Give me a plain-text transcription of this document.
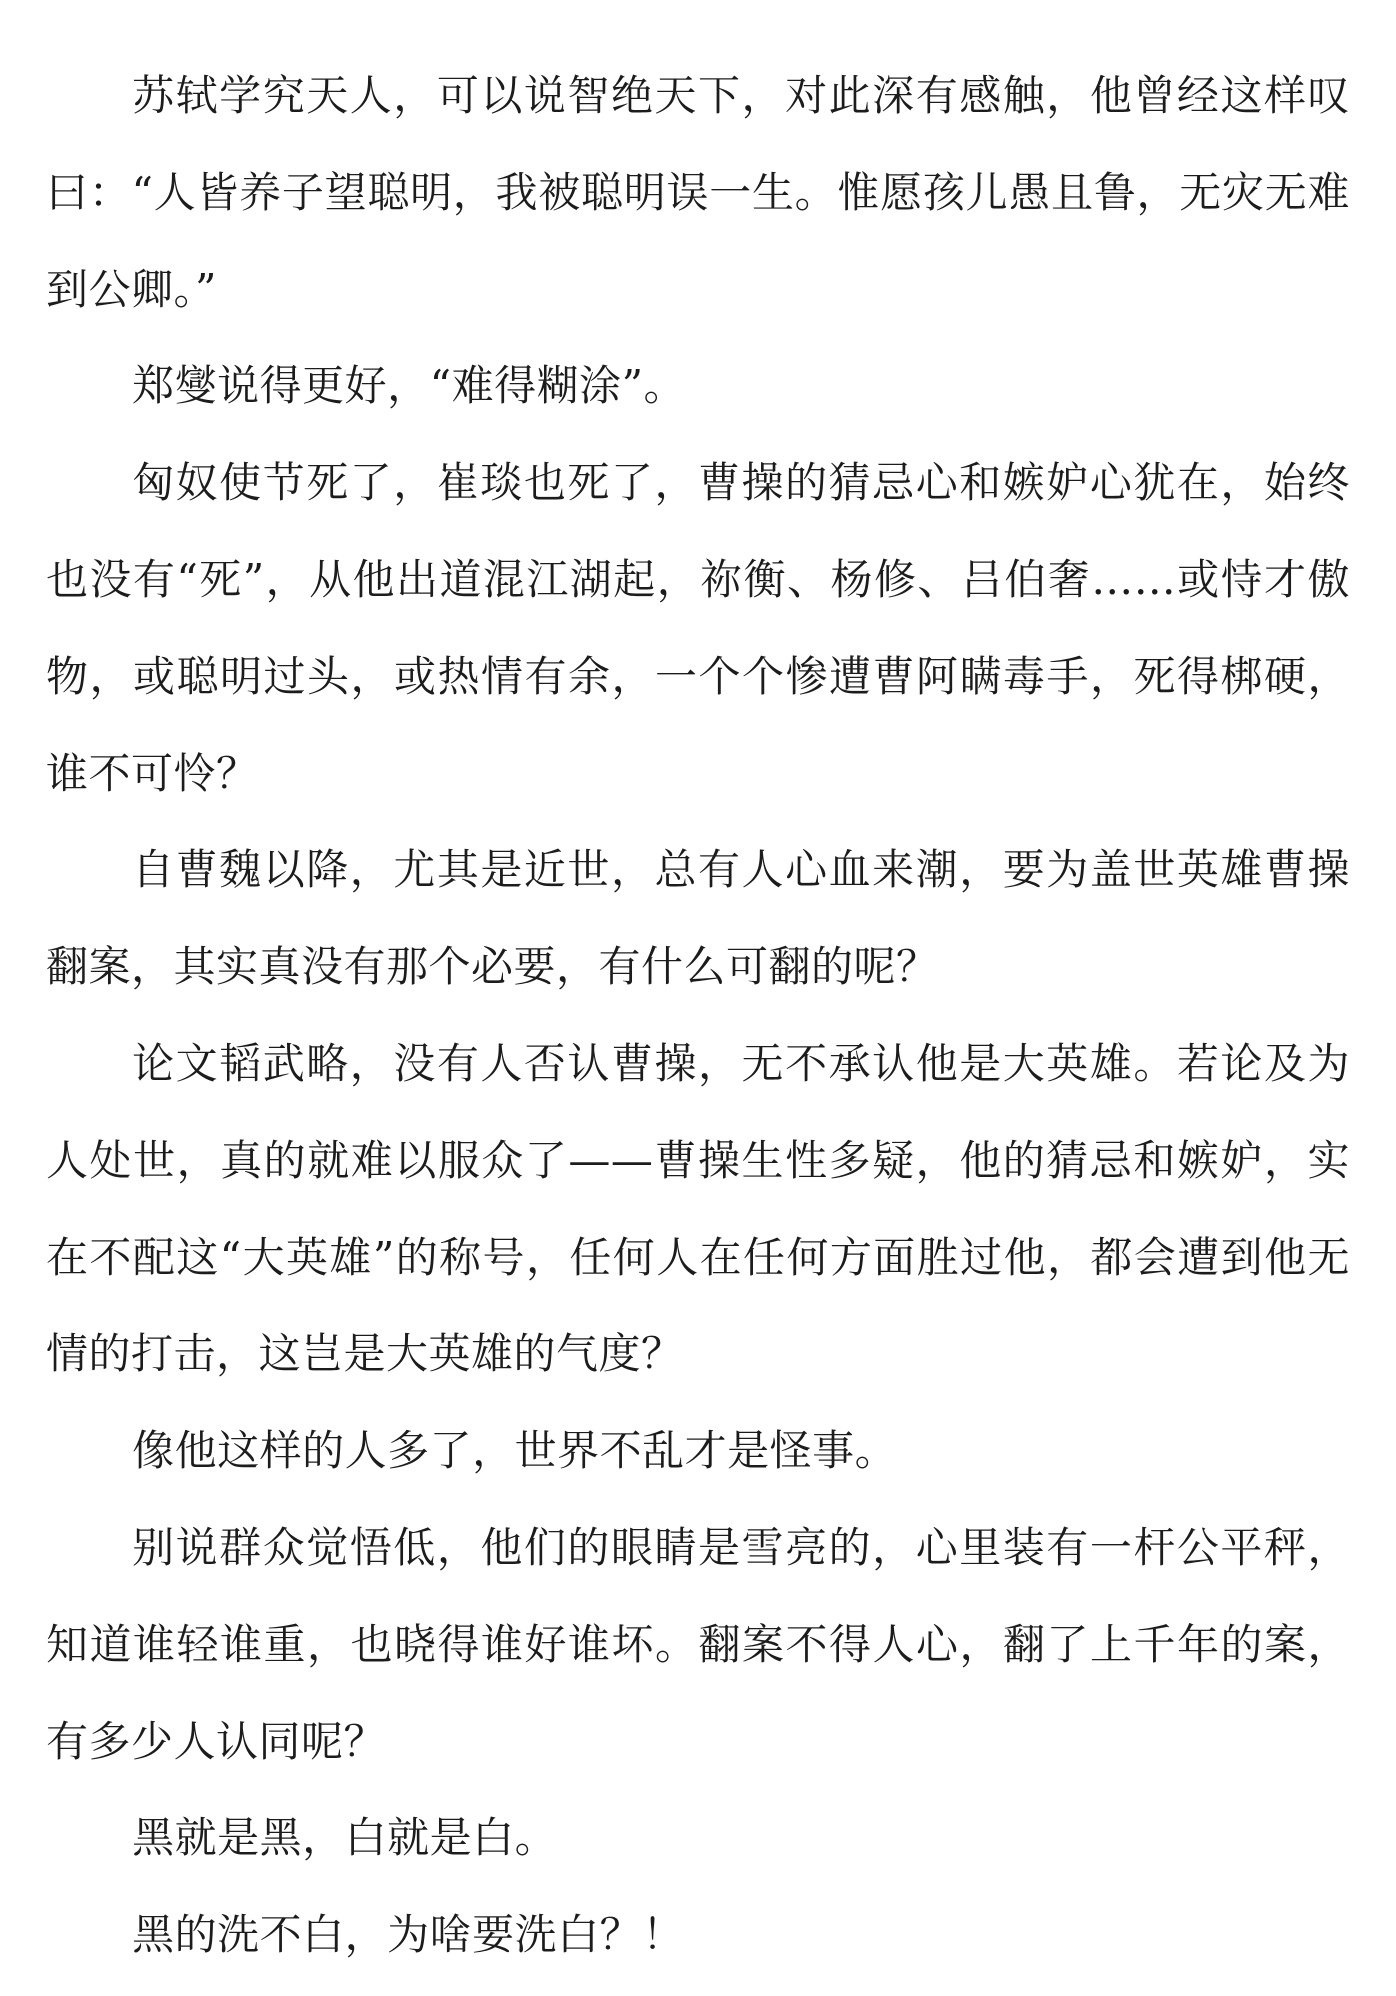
苏轼学究天人，可以说智绝天下，对此深有感触，他曾经这样叹曰：“人皆养子望聪明，我被聪明误一生。惟愿孩儿愚且鲁，无灾无难到公卿。”

郑燮说得更好，“难得糊涂”。

匈奴使节死了，崔琰也死了，曹操的猜忌心和嫉妒心犹在，始终也没有“死”，从他出道混江湖起，祢衡、杨修、吕伯奢……或恃才傲物，或聪明过头，或热情有余，一个个惨遭曹阿瞒毒手，死得梆硬，谁不可怜？

自曹魏以降，尤其是近世，总有人心血来潮，要为盖世英雄曹操翻案，其实真没有那个必要，有什么可翻的呢？

论文韬武略，没有人否认曹操，无不承认他是大英雄。若论及为人处世，真的就难以服众了——曹操生性多疑，他的猜忌和嫉妒，实在不配这“大英雄”的称号，任何人在任何方面胜过他，都会遭到他无情的打击，这岂是大英雄的气度？

像他这样的人多了，世界不乱才是怪事。

别说群众觉悟低，他们的眼睛是雪亮的，心里装有一杆公平秤，知道谁轻谁重，也晓得谁好谁坏。翻案不得人心，翻了上千年的案，有多少人认同呢？

黑就是黑，白就是白。

黑的洗不白，为啥要洗白？！
